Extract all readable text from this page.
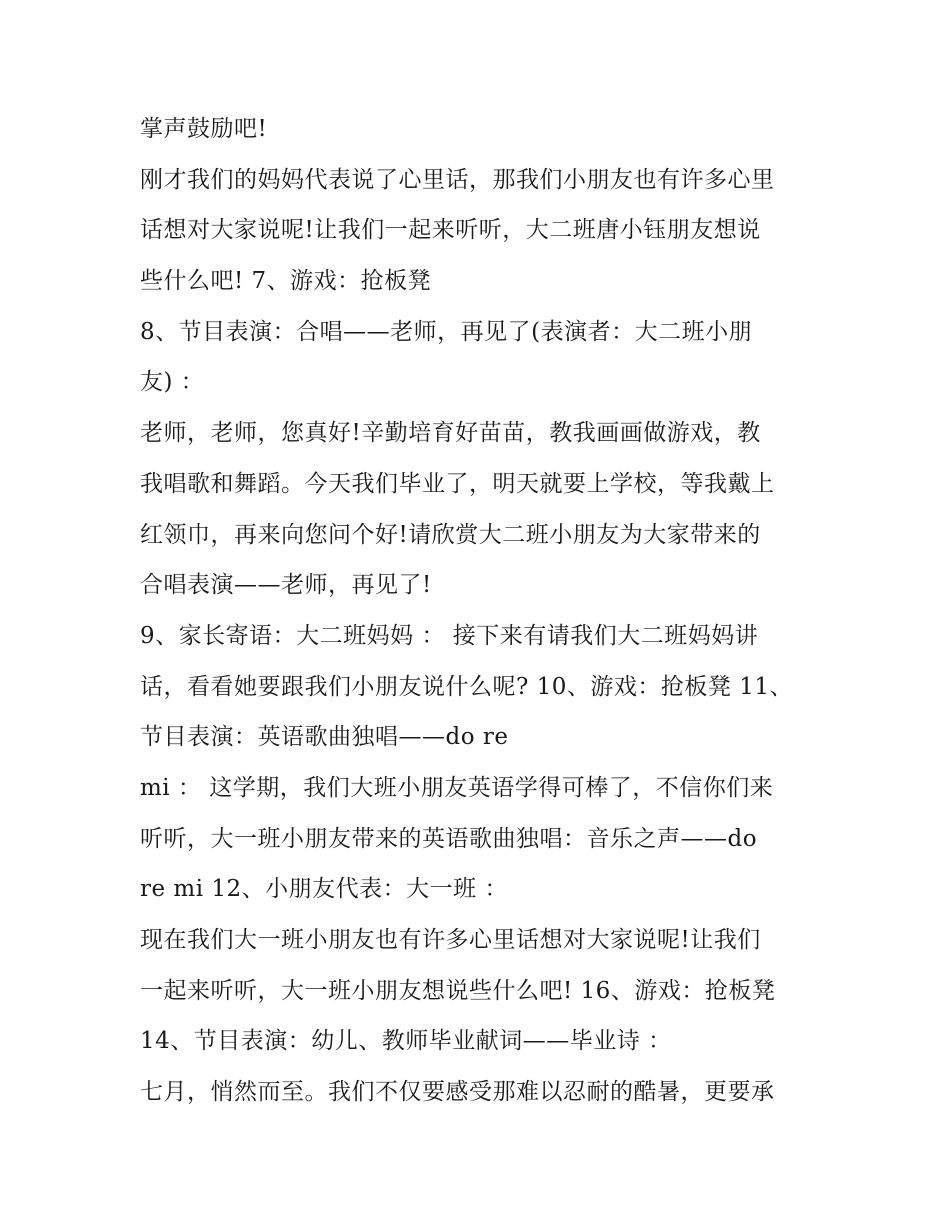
掌声鼓励吧!
刚才我们的妈妈代表说了心里话，那我们小朋友也有许多心里
话想对大家说呢!让我们一起来听听，大二班唐小钰朋友想说
些什么吧! 7、游戏：抢板凳
8、节目表演：合唱——老师，再见了(表演者：大二班小朋
友) ：
老师，老师，您真好!辛勤培育好苗苗，教我画画做游戏，教
我唱歌和舞蹈。今天我们毕业了，明天就要上学校，等我戴上
红领巾，再来向您问个好!请欣赏大二班小朋友为大家带来的
合唱表演——老师，再见了!
9、家长寄语：大二班妈妈 ： 接下来有请我们大二班妈妈讲
话，看看她要跟我们小朋友说什么呢? 10、游戏：抢板凳 11、
节目表演：英语歌曲独唱——do re
mi ： 这学期，我们大班小朋友英语学得可棒了，不信你们来
听听，大一班小朋友带来的英语歌曲独唱：音乐之声——do
re mi 12、小朋友代表：大一班 ：
现在我们大一班小朋友也有许多心里话想对大家说呢!让我们
一起来听听，大一班小朋友想说些什么吧! 16、游戏：抢板凳
14、节目表演：幼儿、教师毕业献词——毕业诗 ：
七月，悄然而至。我们不仅要感受那难以忍耐的酷暑，更要承
